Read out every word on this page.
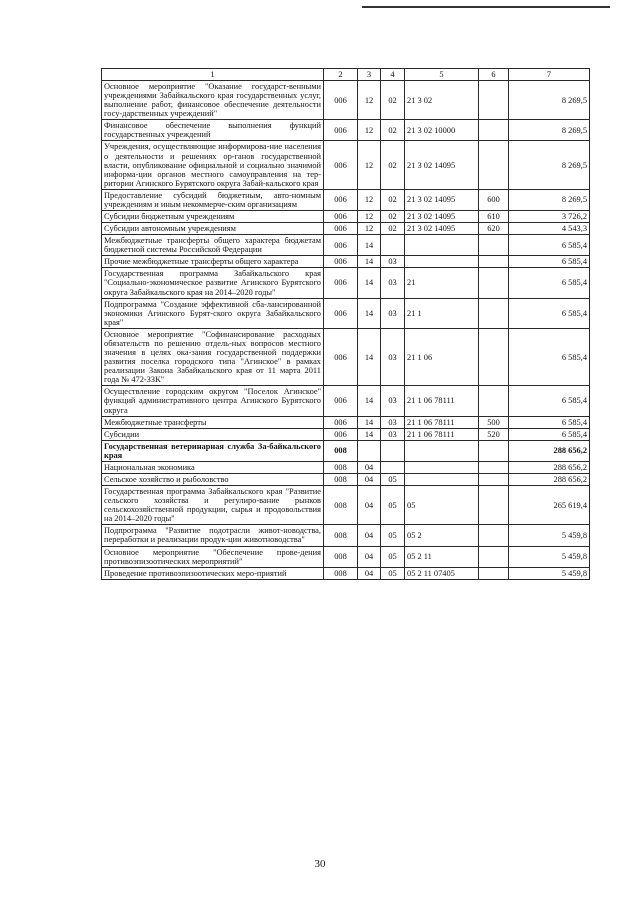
1	2	3	4	5	6	7
Основное мероприятие "Оказание государст-венными учреждениями Забайкальского края государственных услуг, выполнение работ, финансовое обеспечение деятельности госу-дарственных учреждений"	006	12	02	21 3 02		8 269,5
Финансовое обеспечение выполнения функций государственных учреждений	006	12	02	21 3 02 10000		8 269,5
Учреждения, осуществляющие информирова-ние населения о деятельности и решениях ор-ганов государственной власти, опубликование официальной и социально значимой информа-ции органов местного самоуправления на тер-ритории Агинского Бурятского округа Забай-кальского края	006	12	02	21 3 02 14095		8 269,5
Предоставление субсидий бюджетным, авто-номным учреждениям и иным некоммерче-ским организациям	006	12	02	21 3 02 14095	600	8 269,5
Субсидии бюджетным учреждениям	006	12	02	21 3 02 14095	610	3 726,2
Субсидии автономным учреждениям	006	12	02	21 3 02 14095	620	4 543,3
Межбюджетные трансферты общего характера бюджетам бюджетной системы Российской Федерации	006	14				6 585,4
Прочие межбюджетные трансферты общего характера	006	14	03			6 585,4
Государственная программа Забайкальского края "Социально-экономическое развитие Агинского Бурятского округа Забайкальского края на 2014–2020 годы"	006	14	03	21		6 585,4
Подпрограмма "Создание эффективной сба-лансированной экономики Агинского Бурят-ского округа Забайкальского края"	006	14	03	21 1		6 585,4
Основное мероприятие "Софинансирование расходных обязательств по решению отдель-ных вопросов местного значения в целях ока-зания государственной поддержки развития поселка городского типа "Агинское" в рамках реализации Закона Забайкальского края от 11 марта 2011 года № 472-ЗЗК"	006	14	03	21 1 06		6 585,4
Осуществление городским округом "Поселок Агинское" функций административного центра Агинского Бурятского округа	006	14	03	21 1 06 78111		6 585,4
Межбюджетные трансферты	006	14	03	21 1 06 78111	500	6 585,4
Субсидии	006	14	03	21 1 06 78111	520	6 585,4
Государственная ветеринарная служба За-байкальского края	008					288 656,2
Национальная экономика	008	04				288 656,2
Сельское хозяйство и рыболовство	008	04	05			288 656,2
Государственная программа Забайкальского края "Развитие сельского хозяйства и регулиро-вание рынков сельскохозяйственной продукции, сырья и продовольствия на 2014–2020 годы"	008	04	05	05		265 619,4
Подпрограмма "Развитие подотрасли живот-новодства, переработки и реализации продук-ции животноводства"	008	04	05	05 2		5 459,8
Основное мероприятие "Обеспечение прове-дения противоэпизоотических мероприятий"	008	04	05	05 2 11		5 459,8
Проведение противоэпизоотических меро-приятий	008	04	05	05 2 11 07405		5 459,8
30
